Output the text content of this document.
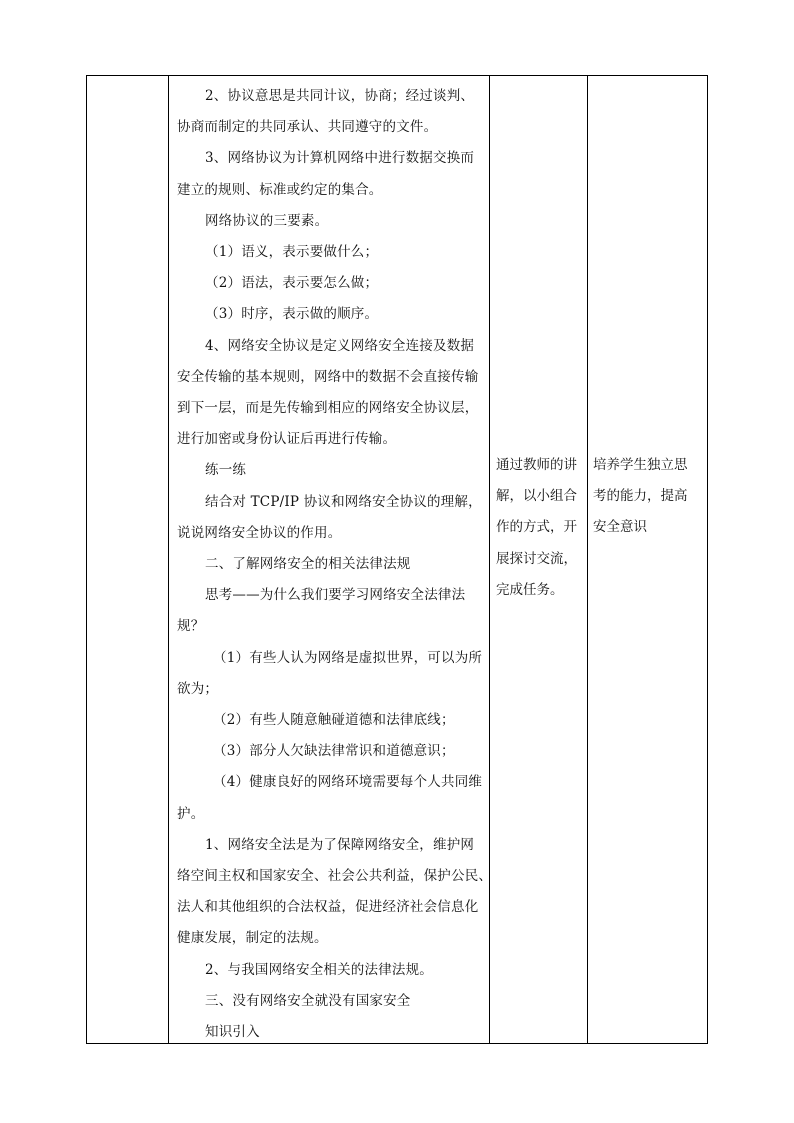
2、协议意思是共同计议，协商；经过谈判、
协商而制定的共同承认、共同遵守的文件。
3、网络协议为计算机网络中进行数据交换而
建立的规则、标准或约定的集合。
网络协议的三要素。
（1）语义，表示要做什么；
（2）语法，表示要怎么做；
（3）时序，表示做的顺序。
4、网络安全协议是定义网络安全连接及数据
安全传输的基本规则，网络中的数据不会直接传输
到下一层，而是先传输到相应的网络安全协议层，
进行加密或身份认证后再进行传输。
练一练
结合对 TCP/IP 协议和网络安全协议的理解，
说说网络安全协议的作用。
二、了解网络安全的相关法律法规
思考——为什么我们要学习网络安全法律法
规？
（1）有些人认为网络是虚拟世界，可以为所
欲为；
（2）有些人随意触碰道德和法律底线；
（3）部分人欠缺法律常识和道德意识；
（4）健康良好的网络环境需要每个人共同维
护。
1、网络安全法是为了保障网络安全，维护网
络空间主权和国家安全、社会公共利益，保护公民、
法人和其他组织的合法权益，促进经济社会信息化
健康发展，制定的法规。
2、与我国网络安全相关的法律法规。
三、没有网络安全就没有国家安全
知识引入
通过教师的讲
解，以小组合
作的方式，开
展探讨交流，
完成任务。
培养学生独立思
考的能力，提高
安全意识
